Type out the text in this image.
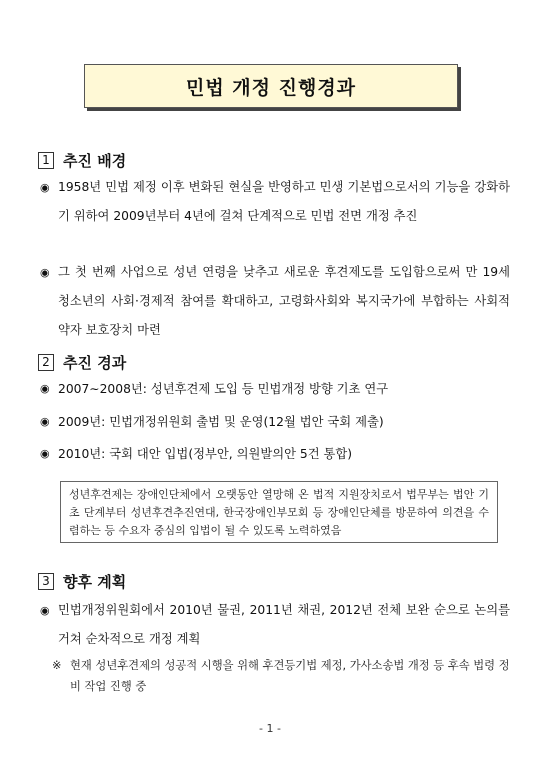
민법 개정 진행경과
1 추진 배경
◉ 1958년 민법 제정 이후 변화된 현실을 반영하고 민생 기본법으로서의 기능을 강화하기 위하여 2009년부터 4년에 걸쳐 단계적으로 민법 전면 개정 추진
◉ 그 첫 번째 사업으로 성년 연령을 낮추고 새로운 후견제도를 도입함으로써 만 19세 청소년의 사회·경제적 참여를 확대하고, 고령화사회와 복지국가에 부합하는 사회적 약자 보호장치 마련
2 추진 경과
◉ 2007∼2008년: 성년후견제 도입 등 민법개정 방향 기초 연구
◉ 2009년: 민법개정위원회 출범 및 운영(12월 법안 국회 제출)
◉ 2010년: 국회 대안 입법(정부안, 의원발의안 5건 통합)
성년후견제는 장애인단체에서 오랫동안 열망해 온 법적 지원장치로서 법무부는 법안 기초 단계부터 성년후견추진연대, 한국장애인부모회 등 장애인단체를 방문하여 의견을 수렴하는 등 수요자 중심의 입법이 될 수 있도록 노력하였음
3 향후 계획
◉ 민법개정위원회에서 2010년 물권, 2011년 채권, 2012년 전체 보완 순으로 논의를 거쳐 순차적으로 개정 계획
※ 현재 성년후견제의 성공적 시행을 위해 후견등기법 제정, 가사소송법 개정 등 후속 법령 정비 작업 진행 중
- 1 -
